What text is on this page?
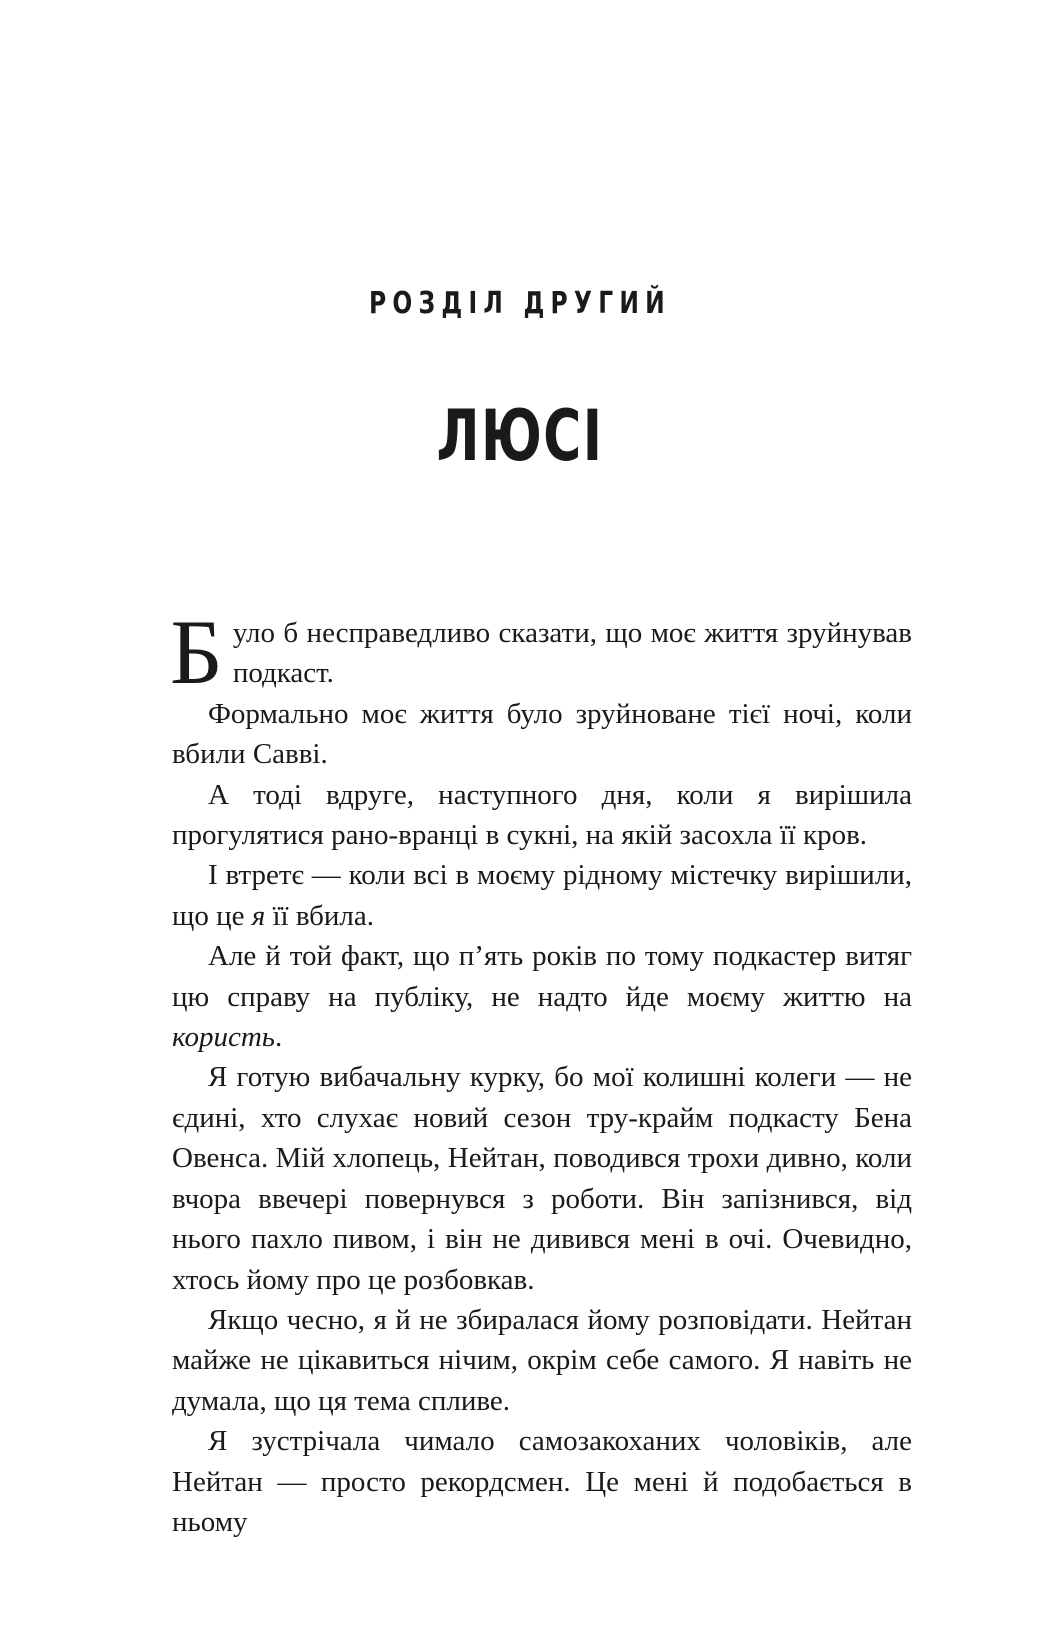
РОЗДІЛ ДРУГИЙ
ЛЮСІ

Було б несправедливо сказати, що моє життя зруйнував подкаст.

Формально моє життя було зруйноване тієї ночі, коли вбили Савві.

А тоді вдруге, наступного дня, коли я вирішила прогулятися рано-вранці в сукні, на якій засохла її кров.

І втретє — коли всі в моєму рідному містечку вирішили, що це я її вбила.

Але й той факт, що п’ять років по тому подкастер витяг цю справу на публіку, не надто йде моєму життю на користь.

Я готую вибачальну курку, бо мої колишні колеги — не єдині, хто слухає новий сезон тру-крайм подкасту Бена Овенса. Мій хлопець, Нейтан, поводився трохи дивно, коли вчора ввечері повернувся з роботи. Він запізнився, від нього пахло пивом, і він не дивився мені в очі. Очевидно, хтось йому про це розбовкав.

Якщо чесно, я й не збиралася йому розповідати. Нейтан майже не цікавиться нічим, окрім себе самого. Я навіть не думала, що ця тема спливе.

Я зустрічала чимало самозакоханих чоловіків, але Нейтан — просто рекордсмен. Це мені й подобається в ньому
